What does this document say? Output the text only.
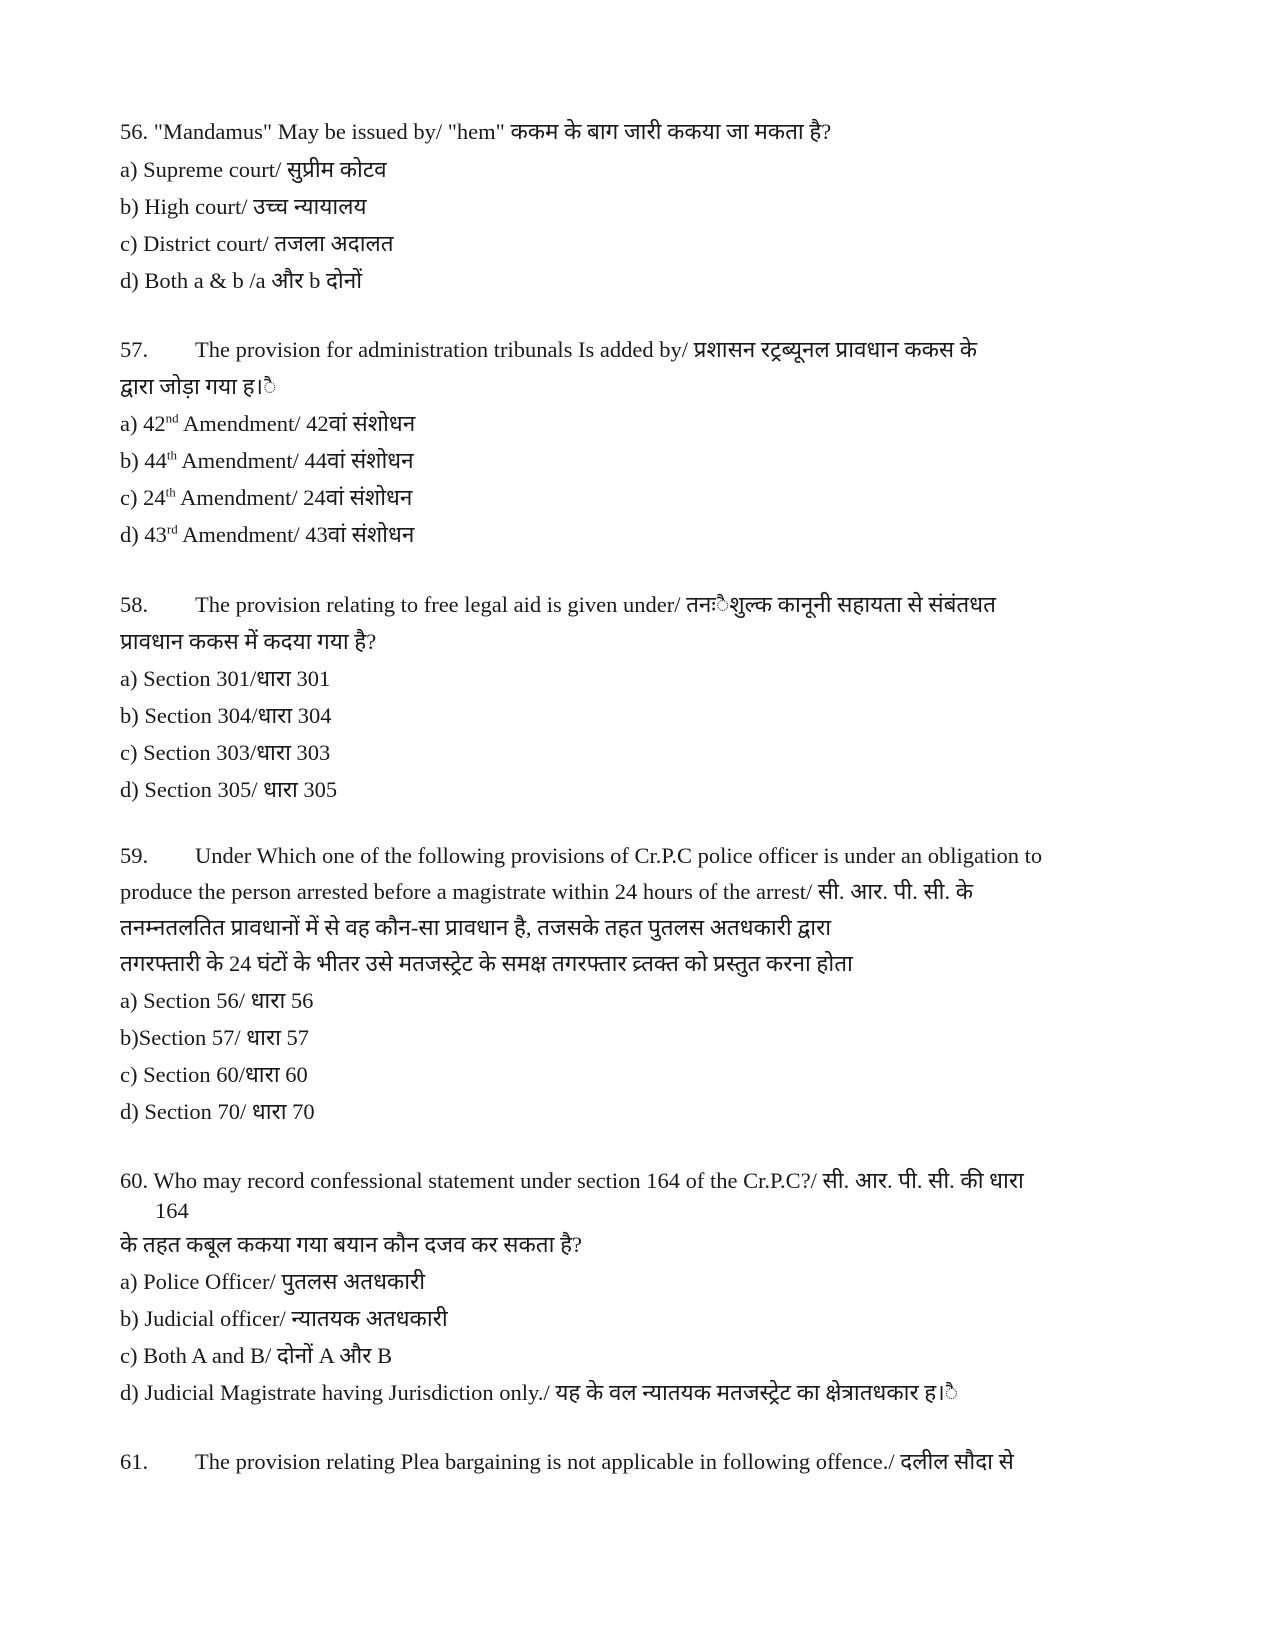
56. "Mandamus" May be issued by/ "hem" ककम के बाग जारी ककया जा मकता है?
a) Supreme court/ सुप्रीम कोटव
b) High court/ उच्च न्यायालय
c) District court/ तजला अदालत
d) Both a & b /a और b दोनों
57. The provision for administration tribunals Is added by/ प्रशासन रट्रब्यूनल प्रावधान ककस के
द्वारा जोड़ा गया ह।ै
a) 42nd Amendment/ 42वां संशोधन
b) 44th Amendment/ 44वां संशोधन
c) 24th Amendment/ 24वां संशोधन
d) 43rd Amendment/ 43वां संशोधन
58. The provision relating to free legal aid is given under/ तनःैशुल्क कानूनी सहायता से संबंतधत
प्रावधान ककस में कदया गया है?
a) Section 301/धारा 301
b) Section 304/धारा 304
c) Section 303/धारा 303
d) Section 305/ धारा 305
59. Under Which one of the following provisions of Cr.P.C police officer is under an obligation to
produce the person arrested before a magistrate within 24 hours of the arrest/ सी. आर. पी. सी. के
तनम्नतलतित प्रावधानों में से वह कौन-सा प्रावधान है, तजसके तहत पुतलस अतधकारी द्वारा
तगरफ्तारी के 24 घंटों के भीतर उसे मतजस्ट्रेट के समक्ष तगरफ्तार व्र्तक्त को प्रस्तुत करना होता
a) Section 56/ धारा 56
b)Section 57/ धारा 57
c) Section 60/धारा 60
d) Section 70/ धारा 70
60. Who may record confessional statement under section 164 of the Cr.P.C?/ सी. आर. पी. सी. की धारा
164
के तहत कबूल ककया गया बयान कौन दजव कर सकता है?
a) Police Officer/ पुतलस अतधकारी
b) Judicial officer/ न्यातयक अतधकारी
c) Both A and B/ दोनों A और B
d) Judicial Magistrate having Jurisdiction only./ यह के वल न्यातयक मतजस्ट्रेट का क्षेत्रातधकार ह।ै
61. The provision relating Plea bargaining is not applicable in following offence./ दलील सौदा से
